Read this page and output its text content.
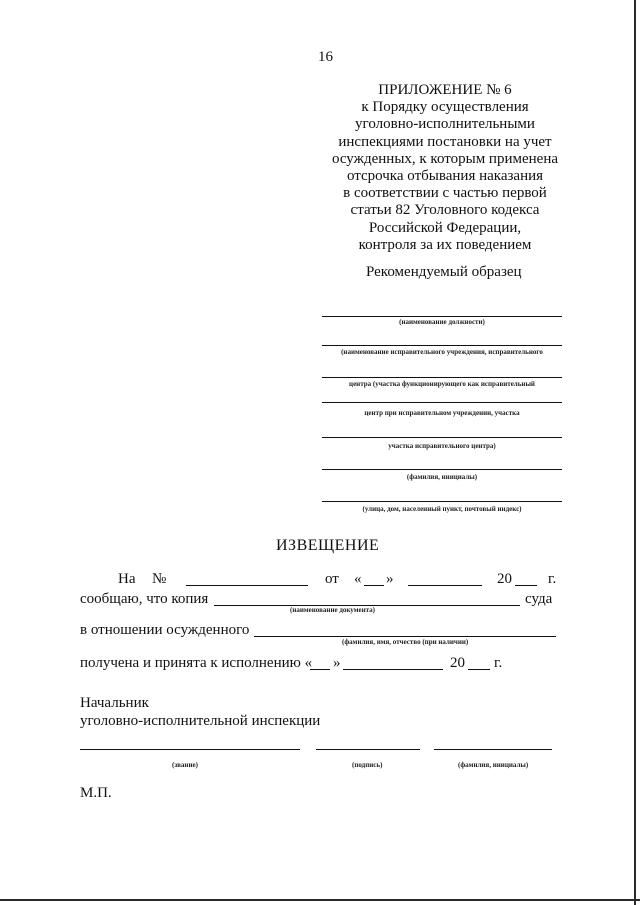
16
ПРИЛОЖЕНИЕ № 6
к Порядку осуществления
уголовно-исполнительными
инспекциями постановки на учет
осужденных, к которым применена
отсрочка отбывания наказания
в соответствии с частью первой
статьи 82 Уголовного кодекса
Российской Федерации,
контроля за их поведением
Рекомендуемый образец
(наименование должности)
(наименование исправительного учреждения, исправительного
центра (участка функционирующего как исправительный
центр при исправительном учреждении, участка
участка исправительного центра)
(фамилия, инициалы)
(улица, дом, населенный пункт, почтовый индекс)
ИЗВЕЩЕНИЕ
На №	от « »	20 г.
сообщаю, что копия	суда
(наименование документа)
в отношении осужденного
(фамилия, имя, отчество (при наличии)
получена и принята к исполнению « »	20 г.
Начальник
уголовно-исполнительной инспекции
(звание)	(подпись)	(фамилия, инициалы)
М.П.
